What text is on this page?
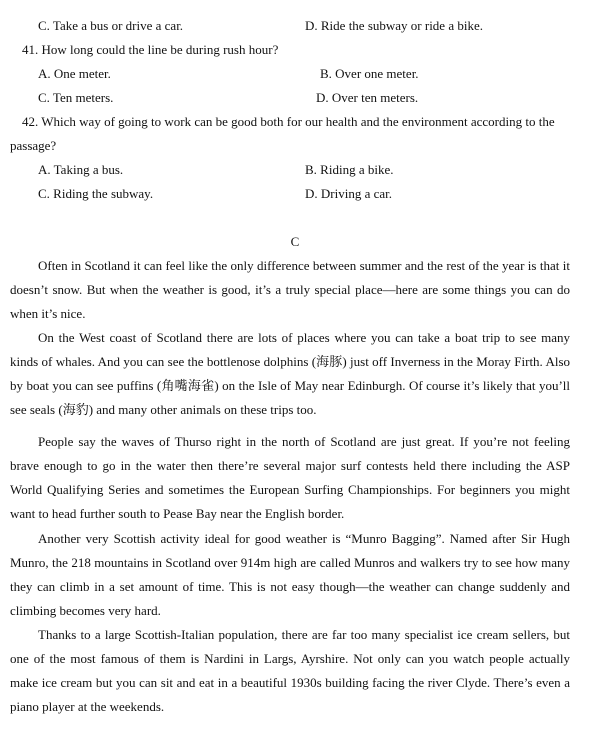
C. Take a bus or drive a car.	D. Ride the subway or ride a bike.
41. How long could the line be during rush hour?
A. One meter.	B. Over one meter.
C. Ten meters.	D. Over ten meters.
42. Which way of going to work can be good both for our health and the environment according to the passage?
A. Taking a bus.	B. Riding a bike.
C. Riding the subway.	D. Driving a car.
C
Often in Scotland it can feel like the only difference between summer and the rest of the year is that it doesn’t snow. But when the weather is good, it’s a truly special place—here are some things you can do when it’s nice.
On the West coast of Scotland there are lots of places where you can take a boat trip to see many kinds of whales. And you can see the bottlenose dolphins (海豚) just off Inverness in the Moray Firth. Also by boat you can see puffins (角嘴海雀) on the Isle of May near Edinburgh. Of course it’s likely that you’ll see seals (海豹) and many other animals on these trips too.
People say the waves of Thurso right in the north of Scotland are just great. If you’re not feeling brave enough to go in the water then there’re several major surf contests held there including the ASP World Qualifying Series and sometimes the European Surfing Championships. For beginners you might want to head further south to Pease Bay near the English border.
Another very Scottish activity ideal for good weather is “Munro Bagging”. Named after Sir Hugh Munro, the 218 mountains in Scotland over 914m high are called Munros and walkers try to see how many they can climb in a set amount of time. This is not easy though—the weather can change suddenly and climbing becomes very hard.
Thanks to a large Scottish-Italian population, there are far too many specialist ice cream sellers, but one of the most famous of them is Nardini in Largs, Ayrshire. Not only can you watch people actually make ice cream but you can sit and eat in a beautiful 1930s building facing the river Clyde. There’s even a piano player at the weekends.
